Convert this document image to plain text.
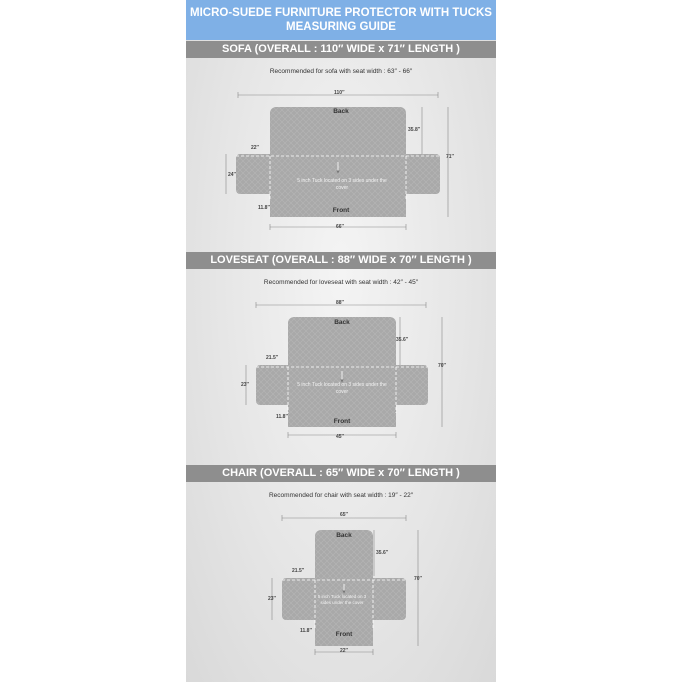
MICRO-SUEDE FURNITURE PROTECTOR WITH TUCKS
MEASURING GUIDE
SOFA (OVERALL : 110″ WIDE x 71″ LENGTH )
Recommended for sofa with seat width : 63″ - 66″
110″
Back
35.8″
71″
22″
24″
5 inch Tuck located on 3 sides under the cover
11.8″	Front
66″
LOVESEAT (OVERALL : 88″ WIDE x 70″ LENGTH )
Recommended for loveseat with seat width : 42″ - 45″
88″
Back
35.6″
70″
21.5″
23″	5 inch Tuck located on 3 sides under the cover
11.8″
Front
45″
CHAIR (OVERALL : 65″ WIDE x 70″ LENGTH )
Recommended for chair with seat width : 19″ - 22″
65″
Back
35.6″
70″
21.5″
23″	5 inch Tuck located on 3 sides under the cover
11.8″	Front
22″
